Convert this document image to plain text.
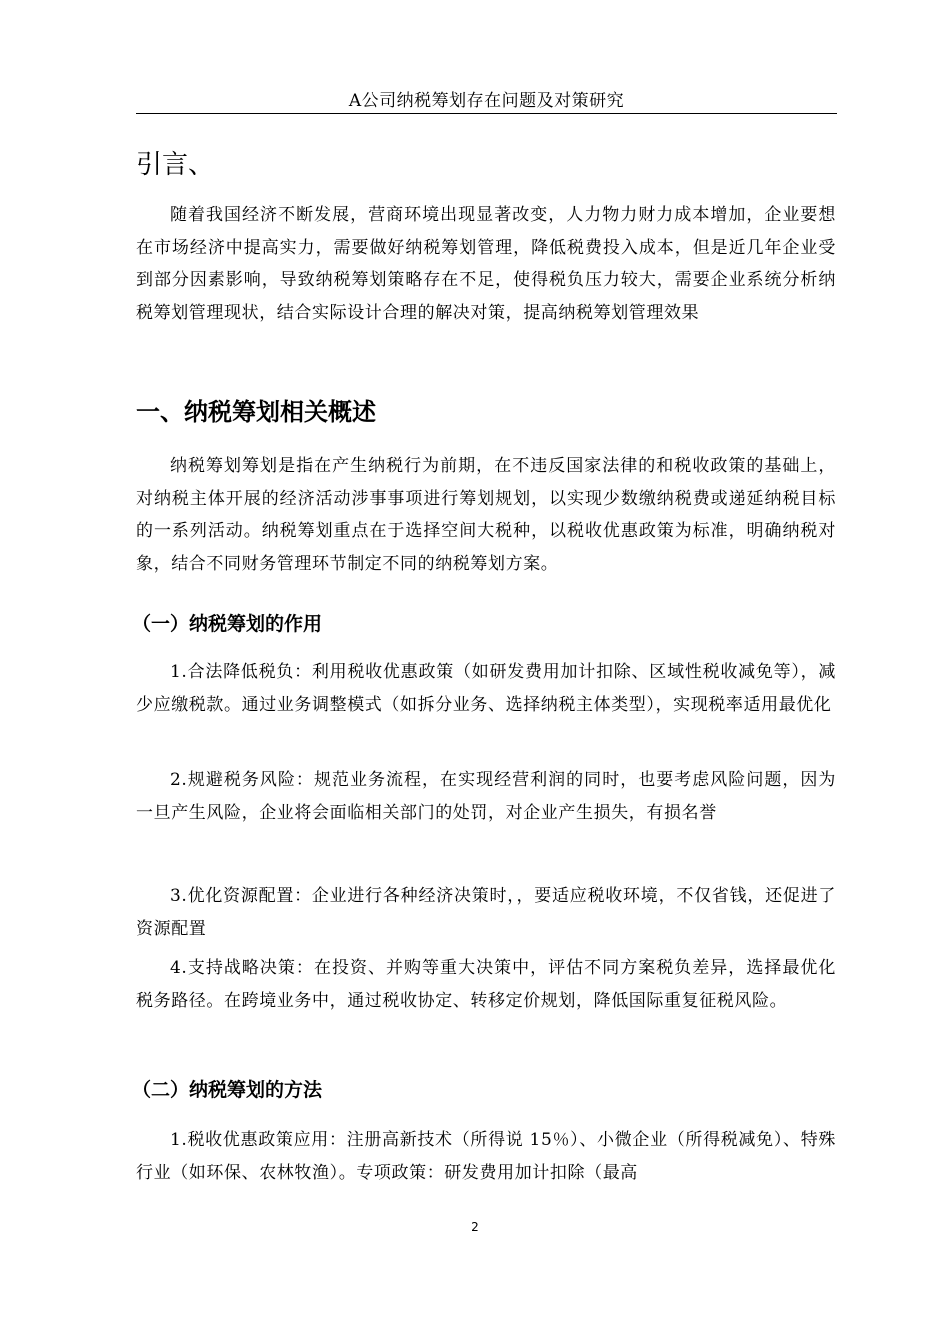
A公司纳税筹划存在问题及对策研究
引言、

随着我国经济不断发展，营商环境出现显著改变，人力物力财力成本增加，企业要想在市场经济中提高实力，需要做好纳税筹划管理，降低税费投入成本，但是近几年企业受到部分因素影响，导致纳税筹划策略存在不足，使得税负压力较大，需要企业系统分析纳税筹划管理现状，结合实际设计合理的解决对策，提高纳税筹划管理效果

一、纳税筹划相关概述

纳税筹划筹划是指在产生纳税行为前期，在不违反国家法律的和税收政策的基础上，对纳税主体开展的经济活动涉事事项进行筹划规划，以实现少数缴纳税费或递延纳税目标的一系列活动。纳税筹划重点在于选择空间大税种，以税收优惠政策为标准，明确纳税对象，结合不同财务管理环节制定不同的纳税筹划方案。

（一）纳税筹划的作用

1.合法降低税负：利用税收优惠政策（如研发费用加计扣除、区域性税收减免等），减少应缴税款。通过业务调整模式（如拆分业务、选择纳税主体类型），实现税率适用最优化

2.规避税务风险：规范业务流程，在实现经营利润的同时，也要考虑风险问题，因为一旦产生风险，企业将会面临相关部门的处罚，对企业产生损失，有损名誉

3.优化资源配置：企业进行各种经济决策时，，要适应税收环境，不仅省钱，还促进了资源配置

4.支持战略决策：在投资、并购等重大决策中，评估不同方案税负差异，选择最优化税务路径。在跨境业务中，通过税收协定、转移定价规划，降低国际重复征税风险。

（二）纳税筹划的方法

1.税收优惠政策应用：注册高新技术（所得说 15％）、小微企业（所得税减免）、特殊行业（如环保、农林牧渔）。专项政策：研发费用加计扣除（最高

2
